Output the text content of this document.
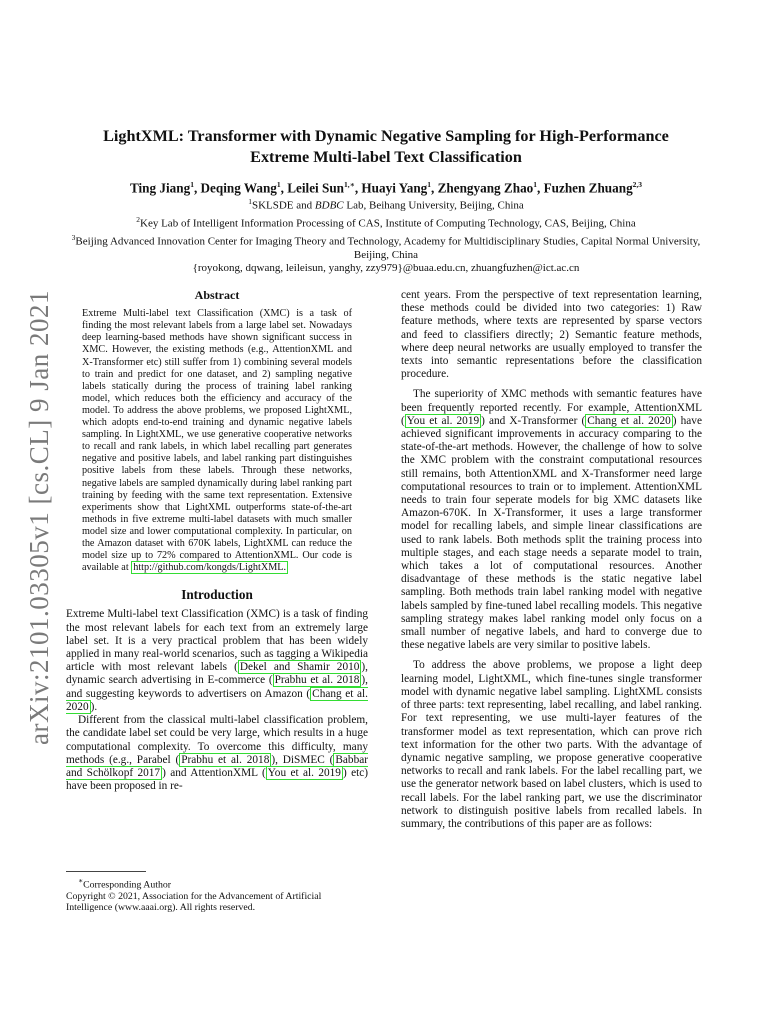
arXiv:2101.03305v1 [cs.CL] 9 Jan 2021
LightXML: Transformer with Dynamic Negative Sampling for High-Performance
Extreme Multi-label Text Classification
Ting Jiang$^1$, Deqing Wang$^1$, Leilei Sun$^{1,∗}$, Huayi Yang$^1$, Zhengyang Zhao$^1$, Fuzhen Zhuang$^{2,3}$
$^1$SKLSDE and BDBC Lab, Beihang University, Beijing, China
$^2$Key Lab of Intelligent Information Processing of CAS, Institute of Computing Technology, CAS, Beijing, China
$^3$Beijing Advanced Innovation Center for Imaging Theory and Technology, Academy for Multidisciplinary Studies, Capital Normal University, Beijing, China
{royokong, dqwang, leileisun, yanghy, zzy979}@buaa.edu.cn, zhuangfuzhen@ict.ac.cn
Abstract
Extreme Multi-label text Classification (XMC) is a task of finding the most relevant labels from a large label set. Nowadays deep learning-based methods have shown significant success in XMC. However, the existing methods (e.g., AttentionXML and X-Transformer etc) still suffer from 1) combining several models to train and predict for one dataset, and 2) sampling negative labels statically during the process of training label ranking model, which reduces both the efficiency and accuracy of the model. To address the above problems, we proposed LightXML, which adopts end-to-end training and dynamic negative labels sampling. In LightXML, we use generative cooperative networks to recall and rank labels, in which label recalling part generates negative and positive labels, and label ranking part distinguishes positive labels from these labels. Through these networks, negative labels are sampled dynamically during label ranking part training by feeding with the same text representation. Extensive experiments show that LightXML outperforms state-of-the-art methods in five extreme multi-label datasets with much smaller model size and lower computational complexity. In particular, on the Amazon dataset with 670K labels, LightXML can reduce the model size up to 72% compared to AttentionXML. Our code is available at http://github.com/kongds/LightXML.
Introduction

Extreme Multi-label text Classification (XMC) is a task of finding the most relevant labels for each text from an extremely large label set. It is a very practical problem that has been widely applied in many real-world scenarios, such as tagging a Wikipedia article with most relevant labels ( Dekel and Shamir 2010 ), dynamic search advertising in E-commerce ( Prabhu et al. 2018 ), and suggesting keywords to advertisers on Amazon ( Chang et al. 2020 ).

Different from the classical multi-label classification problem, the candidate label set could be very large, which results in a huge computational complexity. To overcome this difficulty, many methods (e.g., Parabel ( Prabhu et al. 2018 ), DiSMEC ( Babbar and Schölkopf 2017 ) and AttentionXML ( You et al. 2019 ) etc) have been proposed in re-

∗Corresponding Author
Copyright © 2021, Association for the Advancement of Artificial Intelligence (www.aaai.org). All rights reserved.

cent years. From the perspective of text representation learning, these methods could be divided into two categories: 1) Raw feature methods, where texts are represented by sparse vectors and feed to classifiers directly; 2) Semantic feature methods, where deep neural networks are usually employed to transfer the texts into semantic representations before the classification procedure.

The superiority of XMC methods with semantic features have been frequently reported recently. For example, AttentionXML ( You et al. 2019 ) and X-Transformer ( Chang et al. 2020 ) have achieved significant improvements in accuracy comparing to the state-of-the-art methods. However, the challenge of how to solve the XMC problem with the constraint computational resources still remains, both AttentionXML and X-Transformer need large computational resources to train or to implement. AttentionXML needs to train four seperate models for big XMC datasets like Amazon-670K. In X-Transformer, it uses a large transformer model for recalling labels, and simple linear classifications are used to rank labels. Both methods split the training process into multiple stages, and each stage needs a separate model to train, which takes a lot of computational resources. Another disadvantage of these methods is the static negative label sampling. Both methods train label ranking model with negative labels sampled by fine-tuned label recalling models. This negative sampling strategy makes label ranking model only focus on a small number of negative labels, and hard to converge due to these negative labels are very similar to positive labels.

To address the above problems, we propose a light deep learning model, LightXML, which fine-tunes single transformer model with dynamic negative label sampling. LightXML consists of three parts: text representing, label recalling, and label ranking. For text representing, we use multi-layer features of the transformer model as text representation, which can prove rich text information for the other two parts. With the advantage of dynamic negative sampling, we propose generative cooperative networks to recall and rank labels. For the label recalling part, we use the generator network based on label clusters, which is used to recall labels. For the label ranking part, we use the discriminator network to distinguish positive labels from recalled labels. In summary, the contributions of this paper are as follows:
